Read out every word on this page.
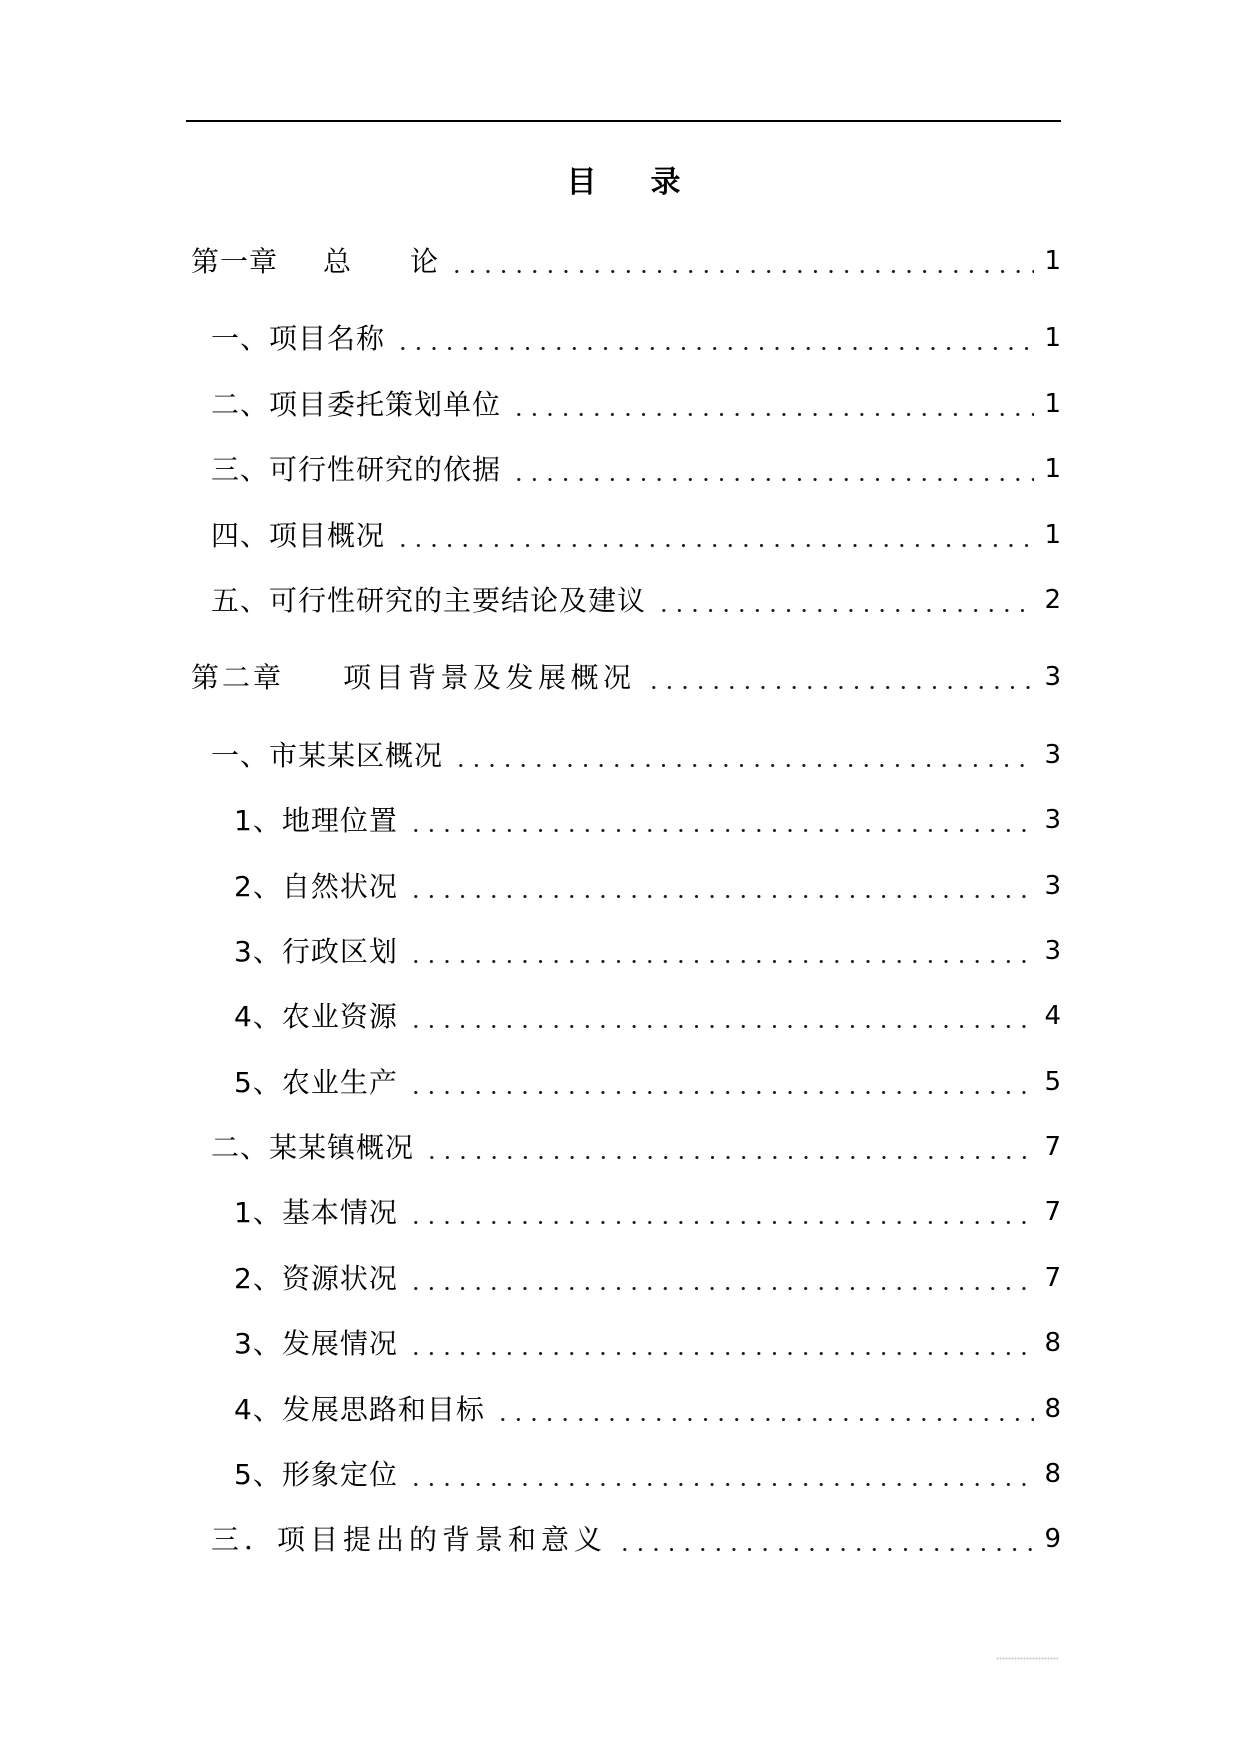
目　录
第一章	总　　论	1
一、项目名称	1
二、项目委托策划单位	1
三、可行性研究的依据	1
四、项目概况	1
五、可行性研究的主要结论及建议	2
第二章	项目背景及发展概况	3
一、市某某区概况	3
1、地理位置	3
2、自然状况	3
3、行政区划	3
4、农业资源	4
5、农业生产	5
二、某某镇概况	7
1、基本情况	7
2、资源状况	7
3、发展情况	8
4、发展思路和目标	8
5、形象定位	8
三．项目提出的背景和意义	9
